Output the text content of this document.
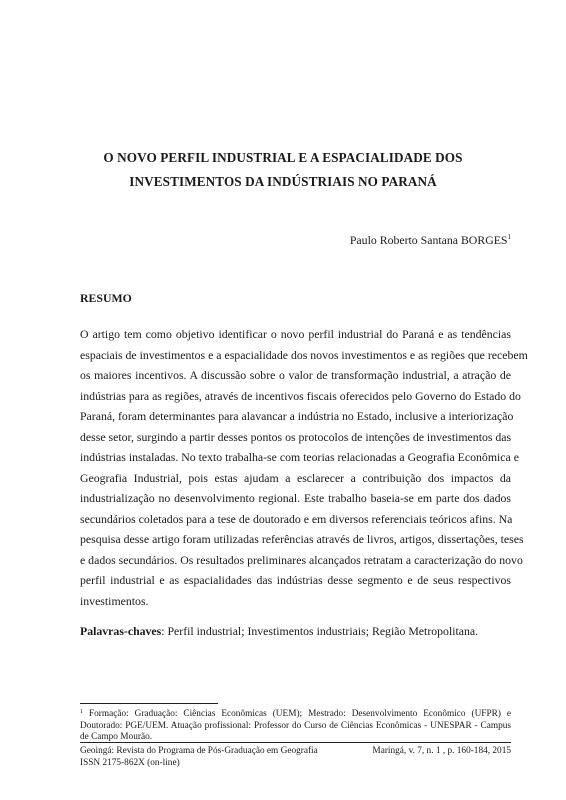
O NOVO PERFIL INDUSTRIAL E A ESPACIALIDADE DOS
INVESTIMENTOS DA INDÚSTRIAIS NO PARANÁ
Paulo Roberto Santana BORGES$^1$
RESUMO
O artigo tem como objetivo identificar o novo perfil industrial do Paraná e as tendências
espaciais de investimentos e a espacialidade dos novos investimentos e as regiões que recebem
os maiores incentivos. A discussão sobre o valor de transformação industrial, a atração de
indústrias para as regiões, através de incentivos fiscais oferecidos pelo Governo do Estado do
Paraná, foram determinantes para alavancar a indústria no Estado, inclusive a interiorização
desse setor, surgindo a partir desses pontos os protocolos de intenções de investimentos das
indústrias instaladas. No texto trabalha-se com teorias relacionadas a Geografia Econômica e
Geografia Industrial, pois estas ajudam a esclarecer a contribuição dos impactos da
industrialização no desenvolvimento regional. Este trabalho baseia-se em parte dos dados
secundários coletados para a tese de doutorado e em diversos referenciais teóricos afins. Na
pesquisa desse artigo foram utilizadas referências através de livros, artigos, dissertações, teses
e dados secundários. Os resultados preliminares alcançados retratam a caracterização do novo
perfil industrial e as espacialidades das indústrias desse segmento e de seus respectivos
investimentos.
Palavras-chaves: Perfil industrial; Investimentos industriais; Região Metropolitana.
$^1$ Formação: Graduação: Ciências Econômicas (UEM); Mestrado: Desenvolvimento Econômico (UFPR) e
Doutorado: PGE/UEM. Atuação profissional: Professor do Curso de Ciências Econômicas - UNESPAR - Campus
de Campo Mourão.
Geoingá: Revista do Programa de Pós-Graduação em Geografia
ISSN 2175-862X (on-line)
Maringá, v. 7, n. 1 , p. 160-184, 2015
